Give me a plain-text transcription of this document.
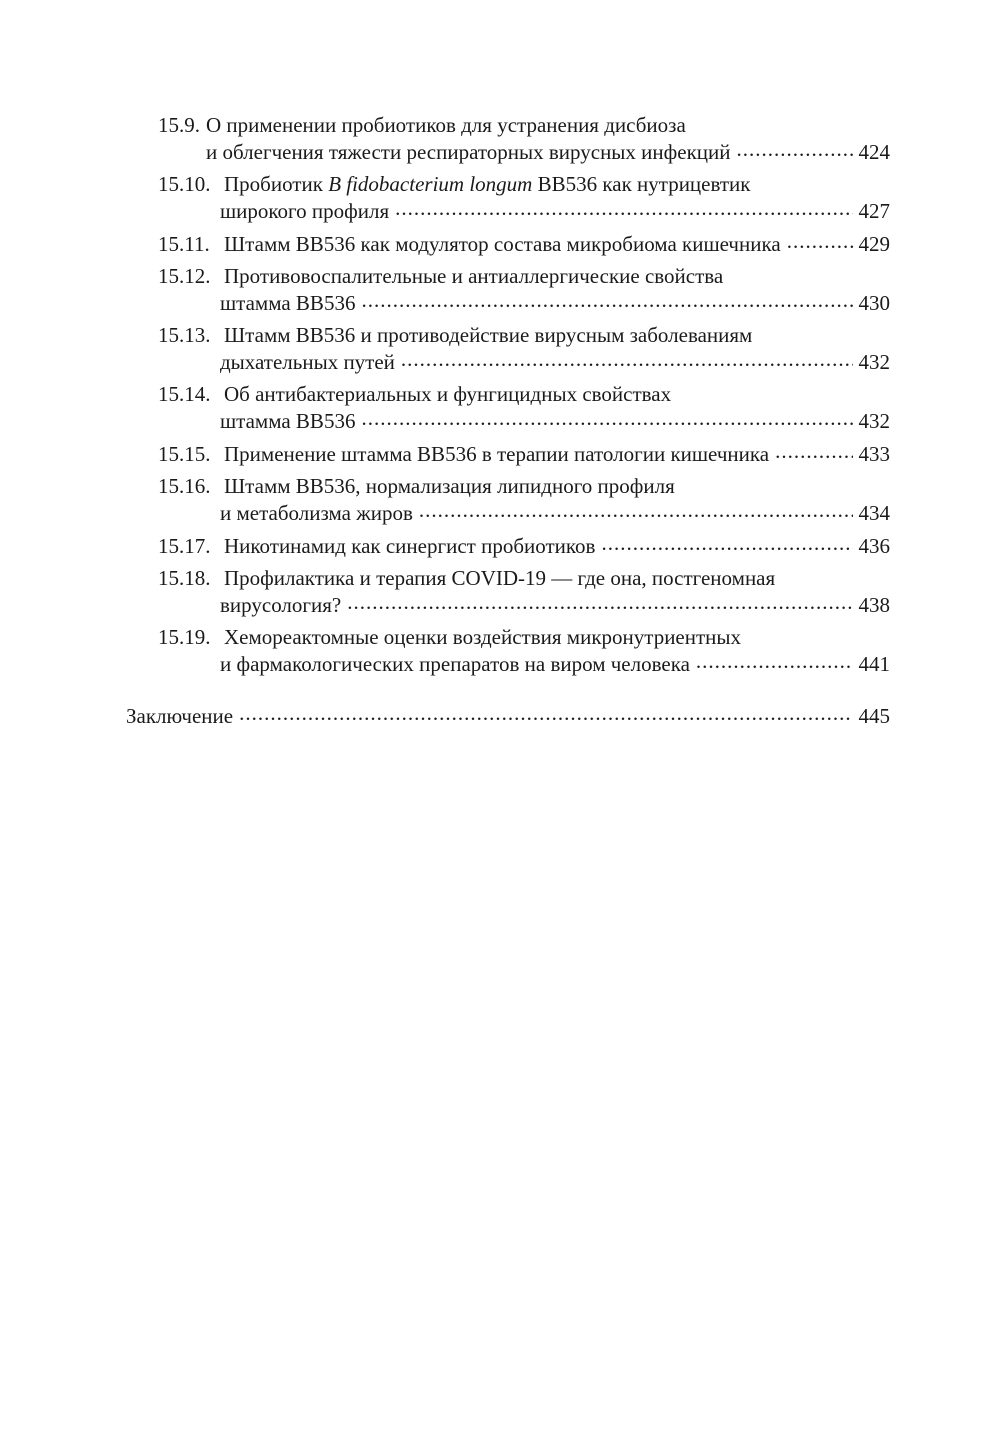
15.9. О применении пробиотиков для устранения дисбиоза
и облегчения тяжести респираторных вирусных инфекций .....	424
15.10. Пробиотик B fidobacterium longum BB536 как нутрицевтик
широкого профиля .....	427
15.11. Штамм BB536 как модулятор состава микробиома кишечника .....	429
15.12. Противовоспалительные и антиаллергические свойства
штамма BB536 .....	430
15.13. Штамм BB536 и противодействие вирусным заболеваниям
дыхательных путей .....	432
15.14. Об антибактериальных и фунгицидных свойствах
штамма BB536 .....	432
15.15. Применение штамма BB536 в терапии патологии кишечника .....	433
15.16. Штамм BB536, нормализация липидного профиля
и метаболизма жиров .....	434
15.17. Никотинамид как синергист пробиотиков .....	436
15.18. Профилактика и терапия COVID-19 — где она, постгеномная
вирусология? .....	438
15.19. Хемореактомные оценки воздействия микронутриентных
и фармакологических препаратов на виром человека .....	441
Заключение .....	445
